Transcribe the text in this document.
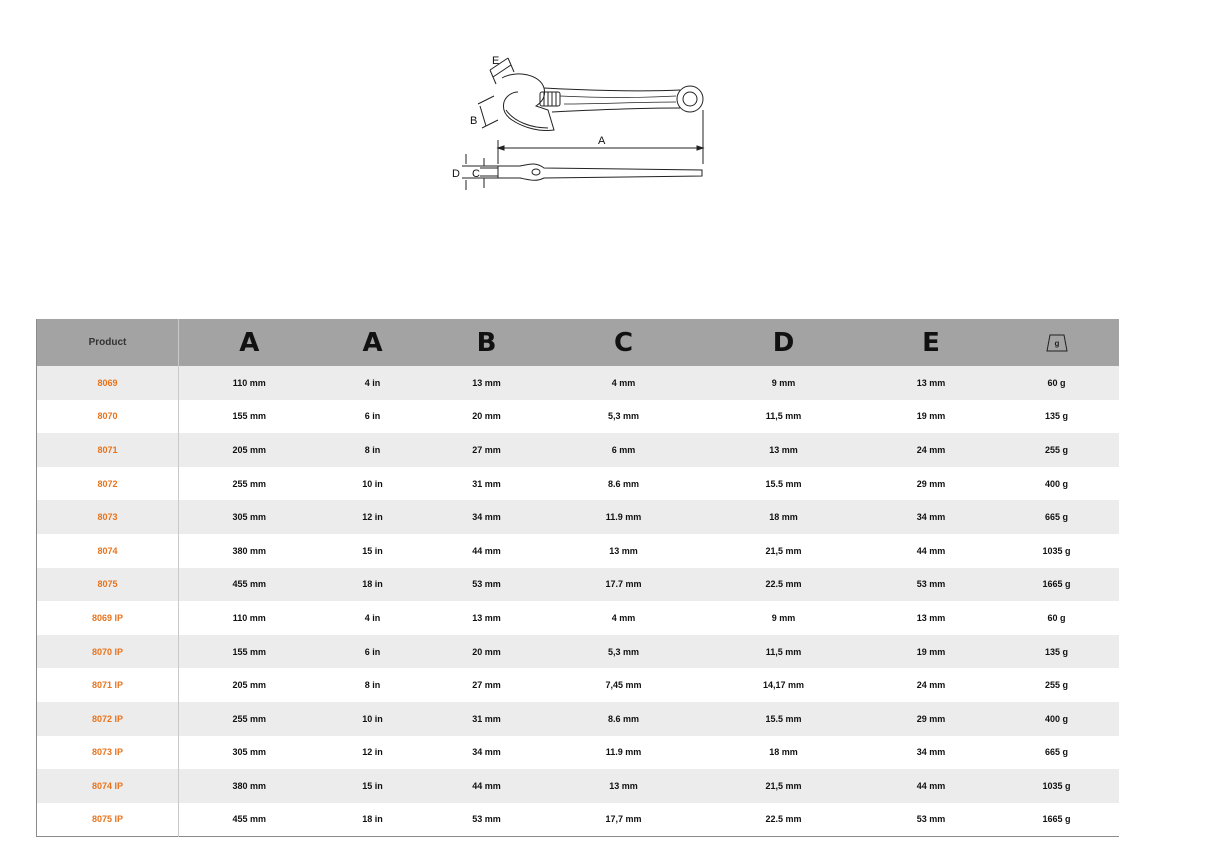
E
B
A
C
D
Product	A	A	B	C	D	E	g

8069	110 mm	4 in	13 mm	4 mm	9 mm	13 mm	60 g
8070	155 mm	6 in	20 mm	5,3 mm	11,5 mm	19 mm	135 g
8071	205 mm	8 in	27 mm	6 mm	13 mm	24 mm	255 g
8072	255 mm	10 in	31 mm	8.6 mm	15.5 mm	29 mm	400 g
8073	305 mm	12 in	34 mm	11.9 mm	18 mm	34 mm	665 g
8074	380 mm	15 in	44 mm	13 mm	21,5 mm	44 mm	1035 g
8075	455 mm	18 in	53 mm	17.7 mm	22.5 mm	53 mm	1665 g
8069 IP	110 mm	4 in	13 mm	4 mm	9 mm	13 mm	60 g
8070 IP	155 mm	6 in	20 mm	5,3 mm	11,5 mm	19 mm	135 g
8071 IP	205 mm	8 in	27 mm	7,45 mm	14,17 mm	24 mm	255 g
8072 IP	255 mm	10 in	31 mm	8.6 mm	15.5 mm	29 mm	400 g
8073 IP	305 mm	12 in	34 mm	11.9 mm	18 mm	34 mm	665 g
8074 IP	380 mm	15 in	44 mm	13 mm	21,5 mm	44 mm	1035 g
8075 IP	455 mm	18 in	53 mm	17,7 mm	22.5 mm	53 mm	1665 g
